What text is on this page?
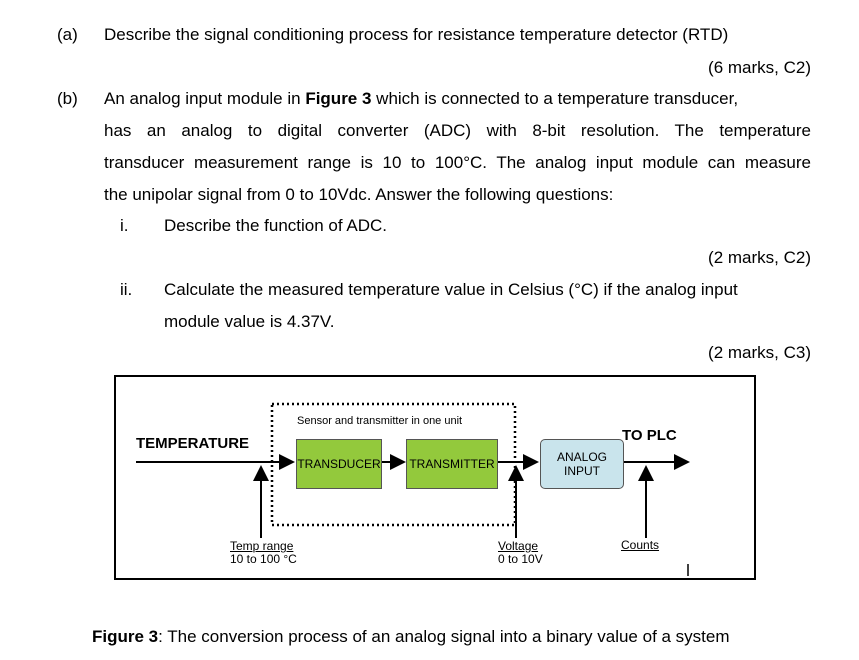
(a) Describe the signal conditioning process for resistance temperature detector (RTD)
(6 marks, C2)
(b) An analog input module in Figure 3 which is connected to a temperature transducer,
has an analog to digital converter (ADC) with 8-bit resolution. The temperature
transducer measurement range is 10 to 100°C. The analog input module can measure
the unipolar signal from 0 to 10Vdc. Answer the following questions:
i. Describe the function of ADC.
(2 marks, C2)
ii. Calculate the measured temperature value in Celsius (°C) if the analog input
module value is 4.37V.
(2 marks, C3)
Sensor and transmitter in one unit
TEMPERATURE
TRANSDUCER TRANSMITTER	ANALOG INPUT
TO PLC
Temp range
10 to 100 °C
Voltage
0 to 10V
Counts
Figure 3: The conversion process of an analog signal into a binary value of a system
